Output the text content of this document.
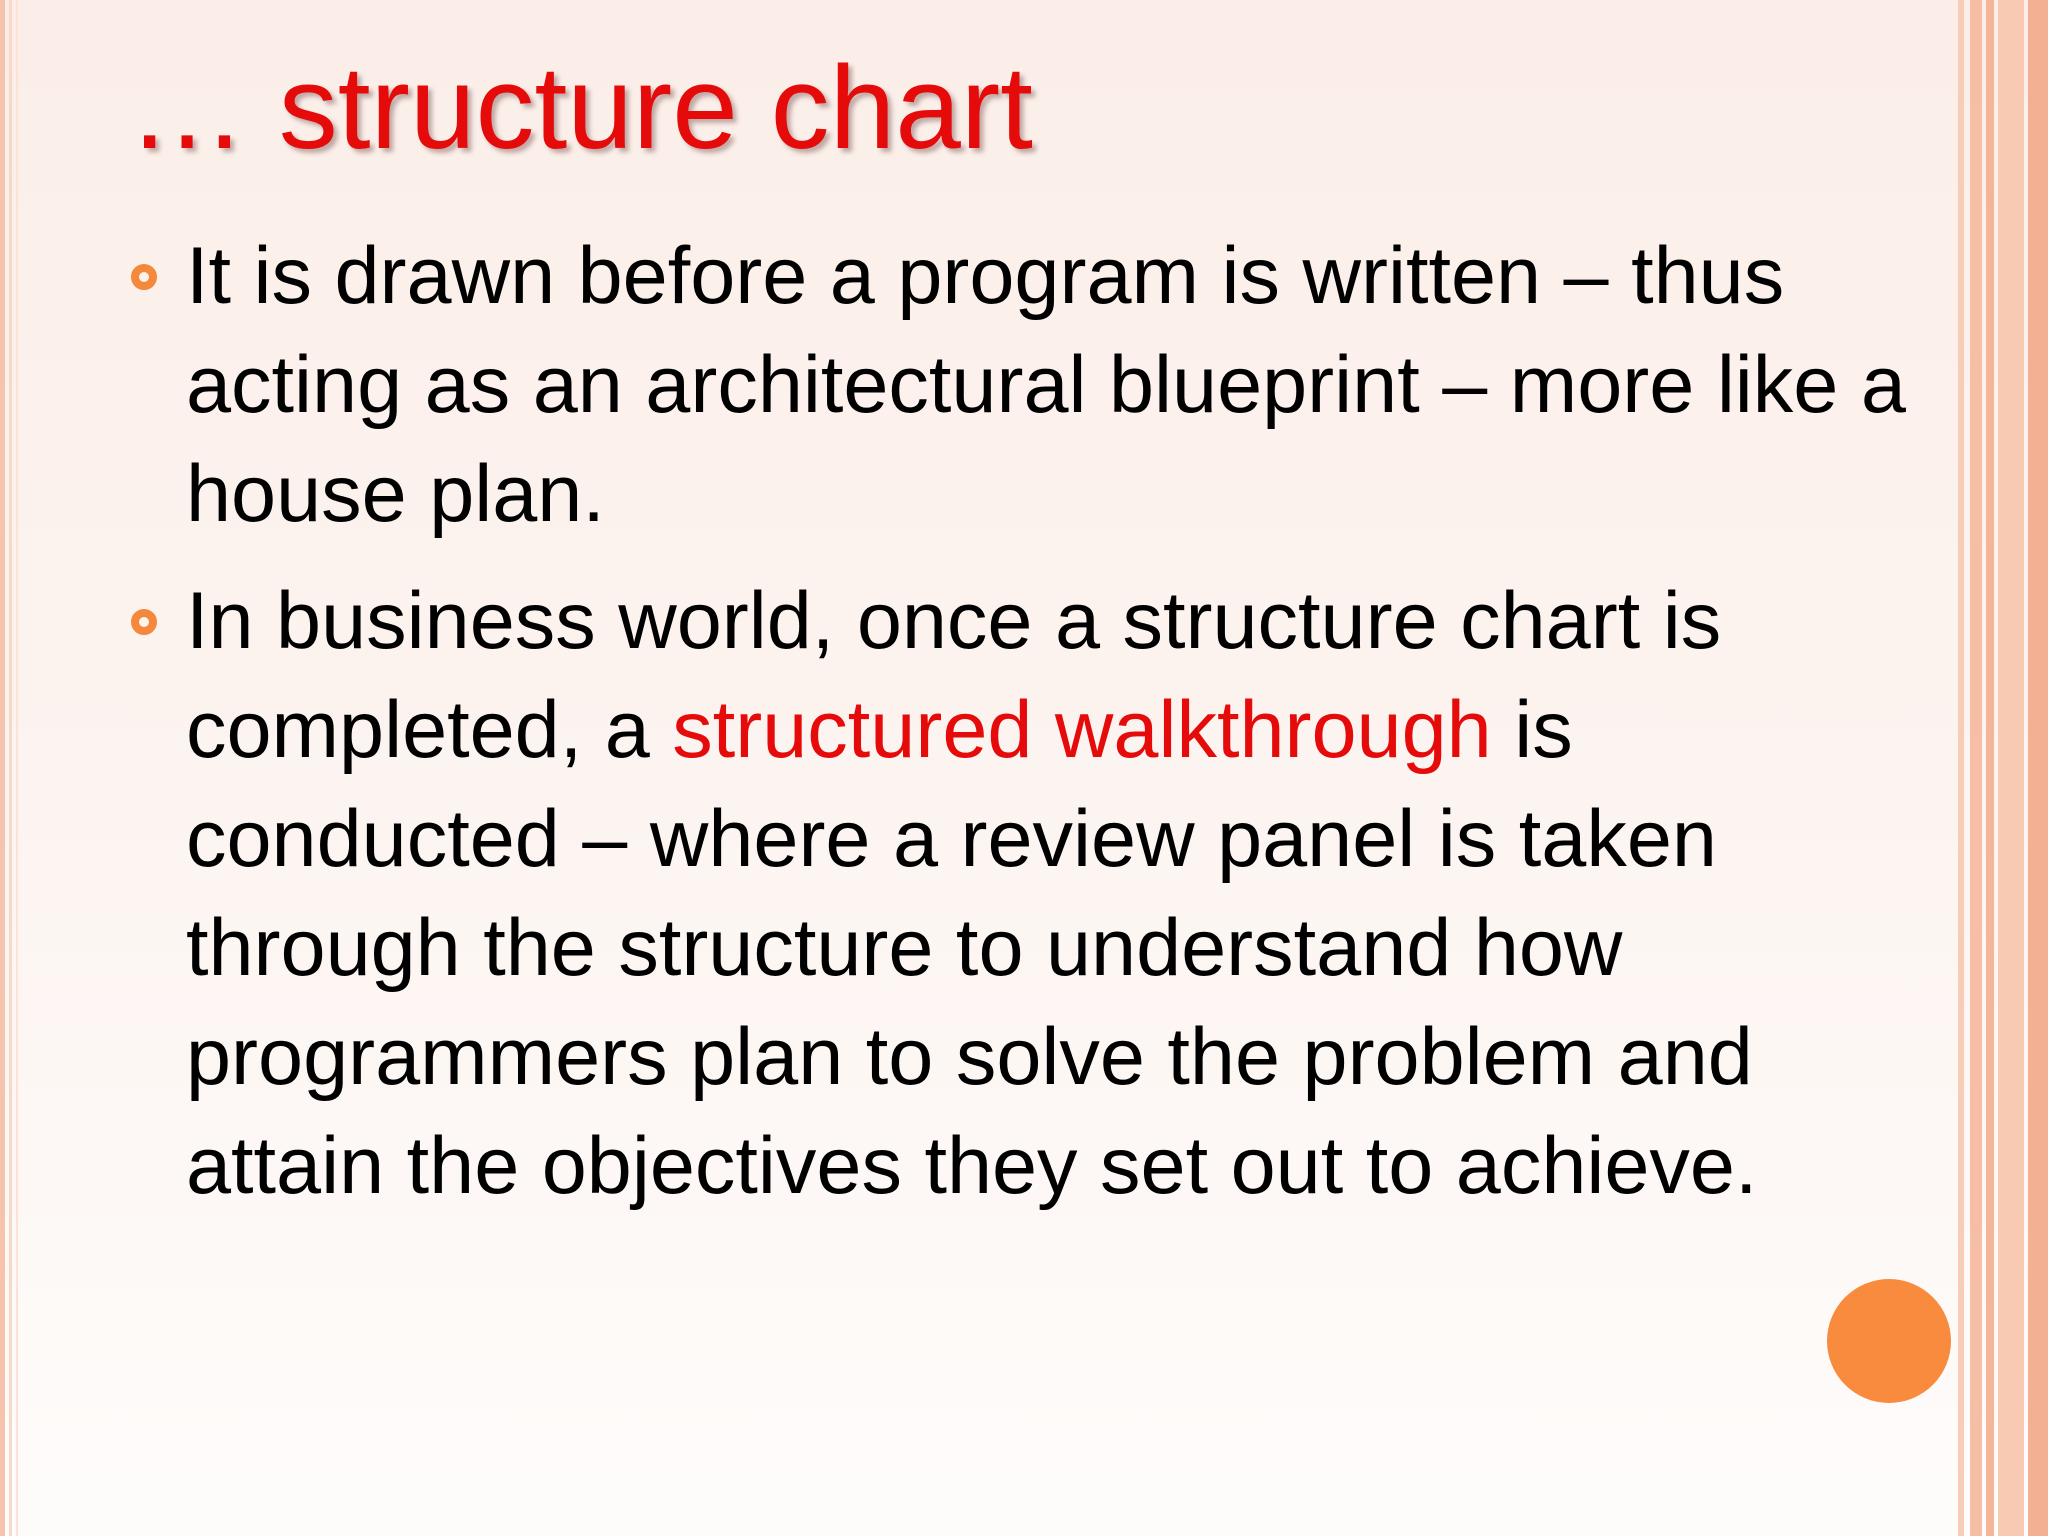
… structure chart
It is drawn before a program is written – thus acting as an architectural blueprint – more like a house plan.
In business world, once a structure chart is completed, a structured walkthrough is conducted – where a review panel is taken through the structure to understand how programmers plan to solve the problem and attain the objectives they set out to achieve.
